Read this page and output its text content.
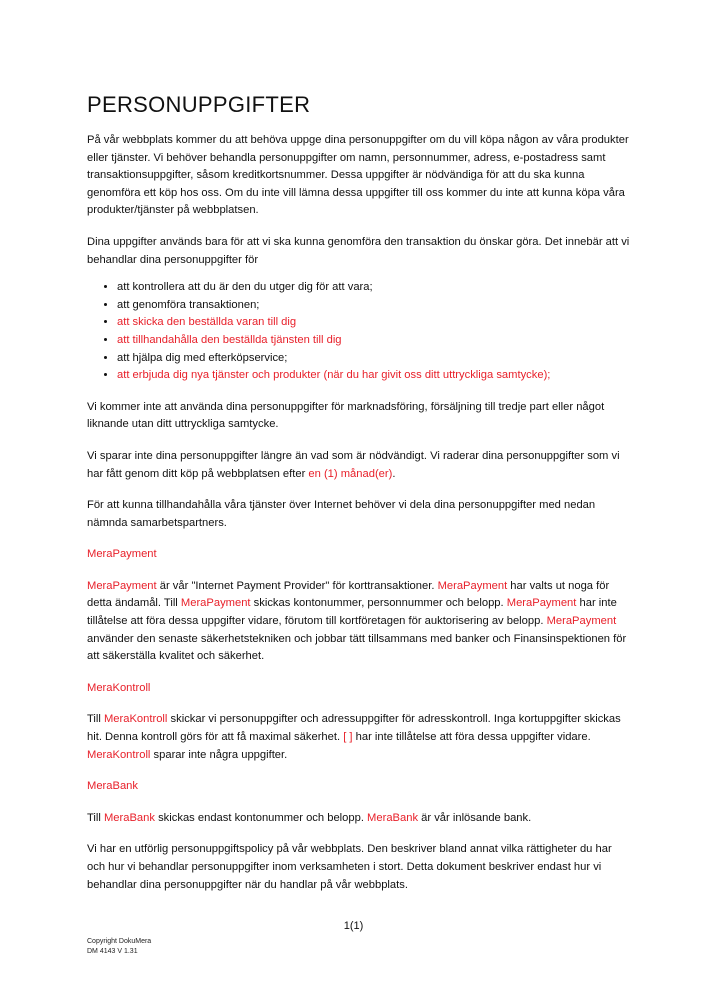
PERSONUPPGIFTER

På vår webbplats kommer du att behöva uppge dina personuppgifter om du vill köpa någon av våra produkter eller tjänster. Vi behöver behandla personuppgifter om namn, personnummer, adress, e-postadress samt transaktionsuppgifter, såsom kreditkortsnummer. Dessa uppgifter är nödvändiga för att du ska kunna genomföra ett köp hos oss. Om du inte vill lämna dessa uppgifter till oss kommer du inte att kunna köpa våra produkter/tjänster på webbplatsen.

Dina uppgifter används bara för att vi ska kunna genomföra den transaktion du önskar göra. Det innebär att vi behandlar dina personuppgifter för

• att kontrollera att du är den du utger dig för att vara;
• att genomföra transaktionen;
• att skicka den beställda varan till dig
• att tillhandahålla den beställda tjänsten till dig
• att hjälpa dig med efterköpservice;
• att erbjuda dig nya tjänster och produkter (när du har givit oss ditt uttryckliga samtycke);

Vi kommer inte att använda dina personuppgifter för marknadsföring, försäljning till tredje part eller något liknande utan ditt uttryckliga samtycke.

Vi sparar inte dina personuppgifter längre än vad som är nödvändigt. Vi raderar dina personuppgifter som vi har fått genom ditt köp på webbplatsen efter en (1) månad(er).

För att kunna tillhandahålla våra tjänster över Internet behöver vi dela dina personuppgifter med nedan nämnda samarbetspartners.

MeraPayment

MeraPayment är vår "Internet Payment Provider" för korttransaktioner. MeraPayment har valts ut noga för detta ändamål. Till MeraPayment skickas kontonummer, personnummer och belopp. MeraPayment har inte tillåtelse att föra dessa uppgifter vidare, förutom till kortföretagen för auktorisering av belopp. MeraPayment använder den senaste säkerhetstekniken och jobbar tätt tillsammans med banker och Finansinspektionen för att säkerställa kvalitet och säkerhet.

MeraKontroll

Till MeraKontroll skickar vi personuppgifter och adressuppgifter för adresskontroll. Inga kortuppgifter skickas hit. Denna kontroll görs för att få maximal säkerhet. [ ] har inte tillåtelse att föra dessa uppgifter vidare. MeraKontroll sparar inte några uppgifter.

MeraBank

Till MeraBank skickas endast kontonummer och belopp. MeraBank är vår inlösande bank.

Vi har en utförlig personuppgiftspolicy på vår webbplats. Den beskriver bland annat vilka rättigheter du har och hur vi behandlar personuppgifter inom verksamheten i stort. Detta dokument beskriver endast hur vi behandlar dina personuppgifter när du handlar på vår webbplats.

1(1)
Copyright DokuMera
DM 4143 V 1.31
